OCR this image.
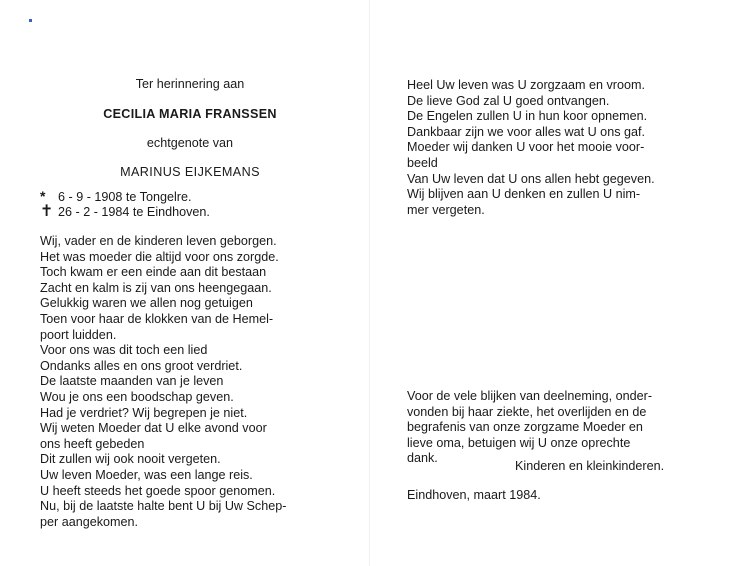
Ter herinnering aan
CECILIA MARIA FRANSSEN
echtgenote van
MARINUS EIJKEMANS
* 6 - 9 - 1908 te Tongelre.
✝ 26 - 2 - 1984 te Eindhoven.
Wij, vader en de kinderen leven geborgen.
Het was moeder die altijd voor ons zorgde.
Toch kwam er een einde aan dit bestaan
Zacht en kalm is zij van ons heengegaan.
Gelukkig waren we allen nog getuigen
Toen voor haar de klokken van de Hemel-
poort luidden.
Voor ons was dit toch een lied
Ondanks alles en ons groot verdriet.
De laatste maanden van je leven
Wou je ons een boodschap geven.
Had je verdriet? Wij begrepen je niet.
Wij weten Moeder dat U elke avond voor
ons heeft gebeden
Dit zullen wij ook nooit vergeten.
Uw leven Moeder, was een lange reis.
U heeft steeds het goede spoor genomen.
Nu, bij de laatste halte bent U bij Uw Schep-
per aangekomen.
Heel Uw leven was U zorgzaam en vroom.
De lieve God zal U goed ontvangen.
De Engelen zullen U in hun koor opnemen.
Dankbaar zijn we voor alles wat U ons gaf.
Moeder wij danken U voor het mooie voor-
beeld
Van Uw leven dat U ons allen hebt gegeven.
Wij blijven aan U denken en zullen U nim-
mer vergeten.
Voor de vele blijken van deelneming, onder-
vonden bij haar ziekte, het overlijden en de
begrafenis van onze zorgzame Moeder en
lieve oma, betuigen wij U onze oprechte
dank.
Kinderen en kleinkinderen.
Eindhoven, maart 1984.
